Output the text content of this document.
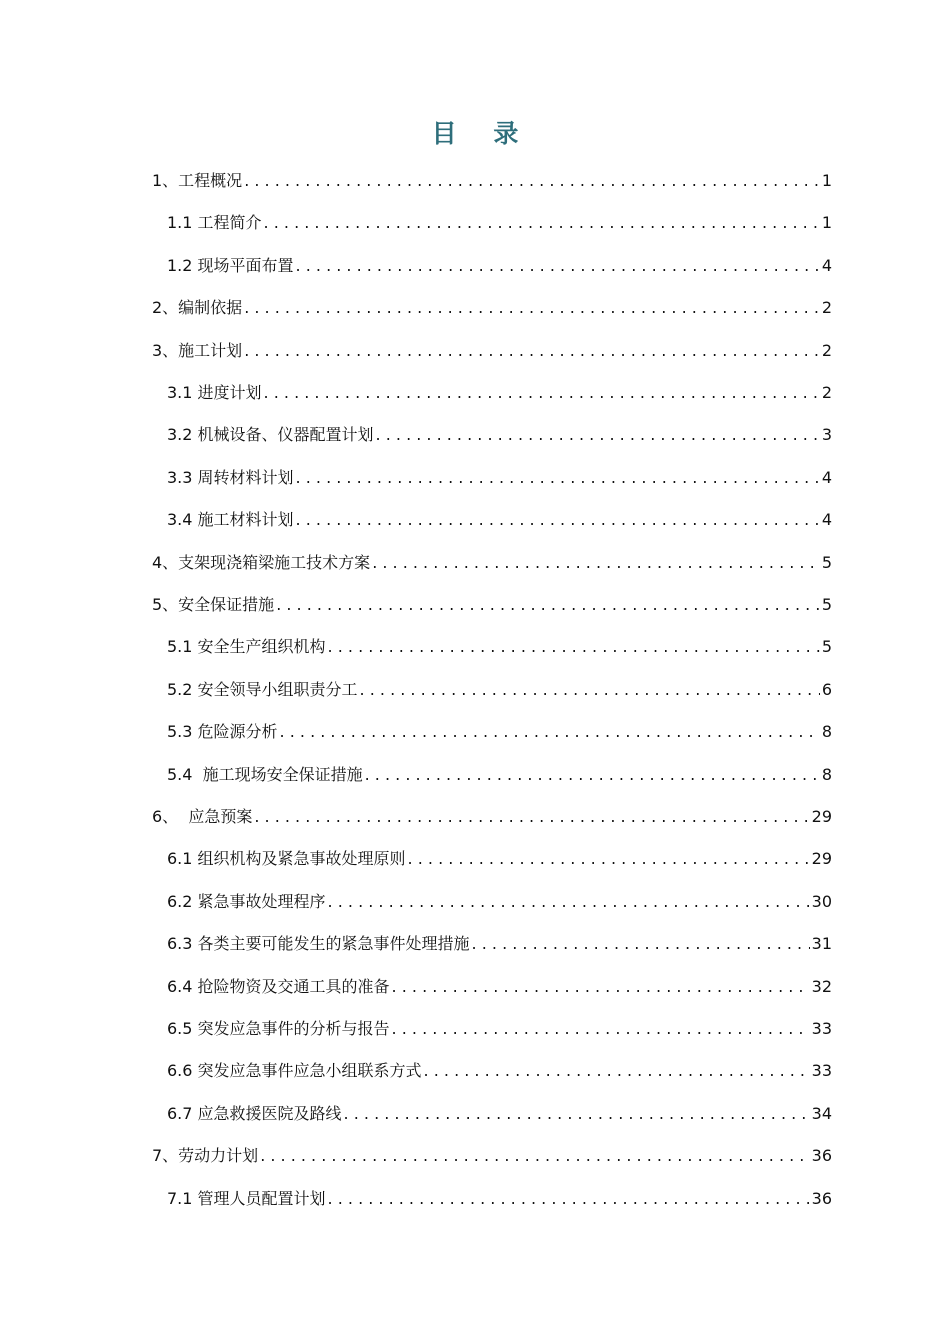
目 录
1、工程概况 . . .	1
1.1 工程简介 . . .	1
1.2 现场平面布置 . . .	4
2、编制依据 . . .	2
3、施工计划 . . .	2
3.1 进度计划 . . .	2
3.2 机械设备、仪器配置计划 . . .	3
3.3 周转材料计划 . . .	4
3.4 施工材料计划 . . .	4
4、支架现浇箱梁施工技术方案 . . .	5
5、安全保证措施 . . .	5
5.1 安全生产组织机构 . . .	5
5.2 安全领导小组职责分工 . . .	6
5.3 危险源分析 . . .	8
5.4  施工现场安全保证措施 . . .	8
6、  应急预案 . . .	29
6.1 组织机构及紧急事故处理原则 . . .	29
6.2 紧急事故处理程序 . . .	30
6.3 各类主要可能发生的紧急事件处理措施 . . .	31
6.4 抢险物资及交通工具的准备 . . .	32
6.5 突发应急事件的分析与报告 . . .	33
6.6 突发应急事件应急小组联系方式 . . .	33
6.7 应急救援医院及路线 . . .	34
7、劳动力计划 . . .	36
7.1 管理人员配置计划 . . .	36
